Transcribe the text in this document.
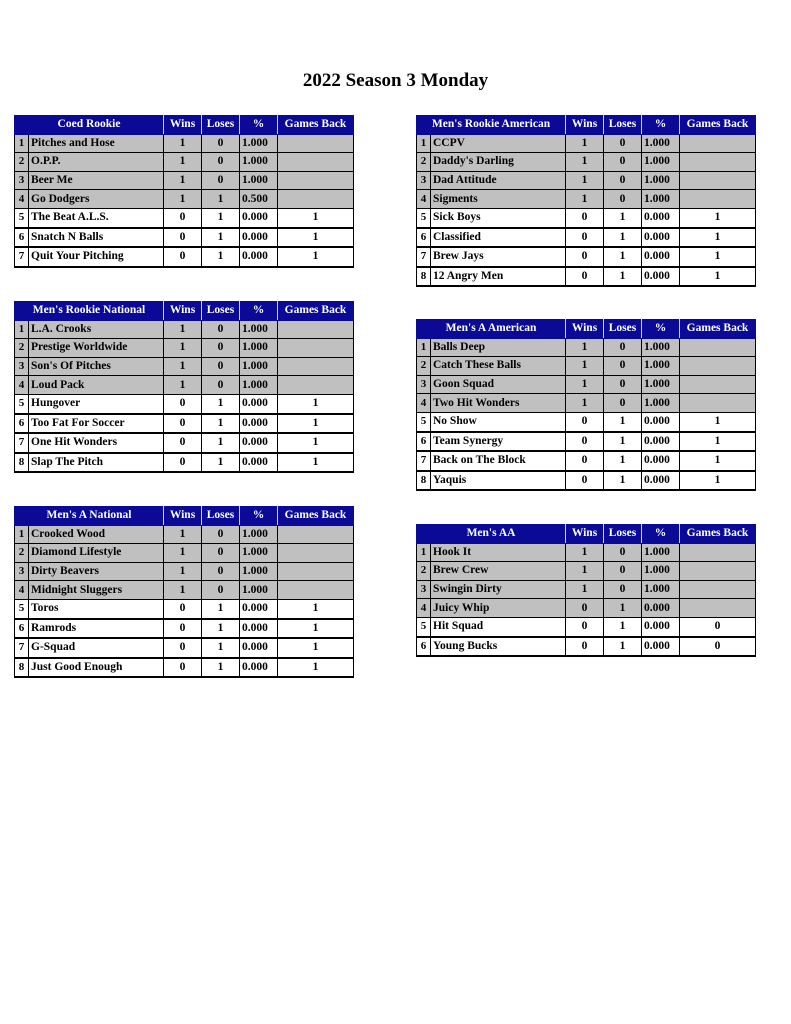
2022 Season 3 Monday
Coed Rookie		Wins	Loses	%	Games Back
1	Pitches and Hose	1	0	1.000	
2	O.P.P.	1	0	1.000	
3	Beer Me	1	0	1.000	
4	Go Dodgers	1	1	0.500	
5	The Beat A.L.S.	0	1	0.000	1
6	Snatch N Balls	0	1	0.000	1
7	Quit Your Pitching	0	1	0.000	1
Men's Rookie American		Wins	Loses	%	Games Back
1	CCPV	1	0	1.000	
2	Daddy's Darling	1	0	1.000	
3	Dad Attitude	1	0	1.000	
4	Sigments	1	0	1.000	
5	Sick Boys	0	1	0.000	1
6	Classified	0	1	0.000	1
7	Brew Jays	0	1	0.000	1
8	12 Angry Men	0	1	0.000	1
Men's Rookie National		Wins	Loses	%	Games Back
1	L.A. Crooks	1	0	1.000	
2	Prestige Worldwide	1	0	1.000	
3	Son's Of Pitches	1	0	1.000	
4	Loud Pack	1	0	1.000	
5	Hungover	0	1	0.000	1
6	Too Fat For Soccer	0	1	0.000	1
7	One Hit Wonders	0	1	0.000	1
8	Slap The Pitch	0	1	0.000	1
Men's A American		Wins	Loses	%	Games Back
1	Balls Deep	1	0	1.000	
2	Catch These Balls	1	0	1.000	
3	Goon Squad	1	0	1.000	
4	Two Hit Wonders	1	0	1.000	
5	No Show	0	1	0.000	1
6	Team Synergy	0	1	0.000	1
7	Back on The Block	0	1	0.000	1
8	Yaquis	0	1	0.000	1
Men's A National		Wins	Loses	%	Games Back
1	Crooked Wood	1	0	1.000	
2	Diamond Lifestyle	1	0	1.000	
3	Dirty Beavers	1	0	1.000	
4	Midnight Sluggers	1	0	1.000	
5	Toros	0	1	0.000	1
6	Ramrods	0	1	0.000	1
7	G-Squad	0	1	0.000	1
8	Just Good Enough	0	1	0.000	1
Men's AA		Wins	Loses	%	Games Back
1	Hook It	1	0	1.000	
2	Brew Crew	1	0	1.000	
3	Swingin Dirty	1	0	1.000	
4	Juicy Whip	0	1	0.000	
5	Hit Squad	0	1	0.000	0
6	Young Bucks	0	1	0.000	0
